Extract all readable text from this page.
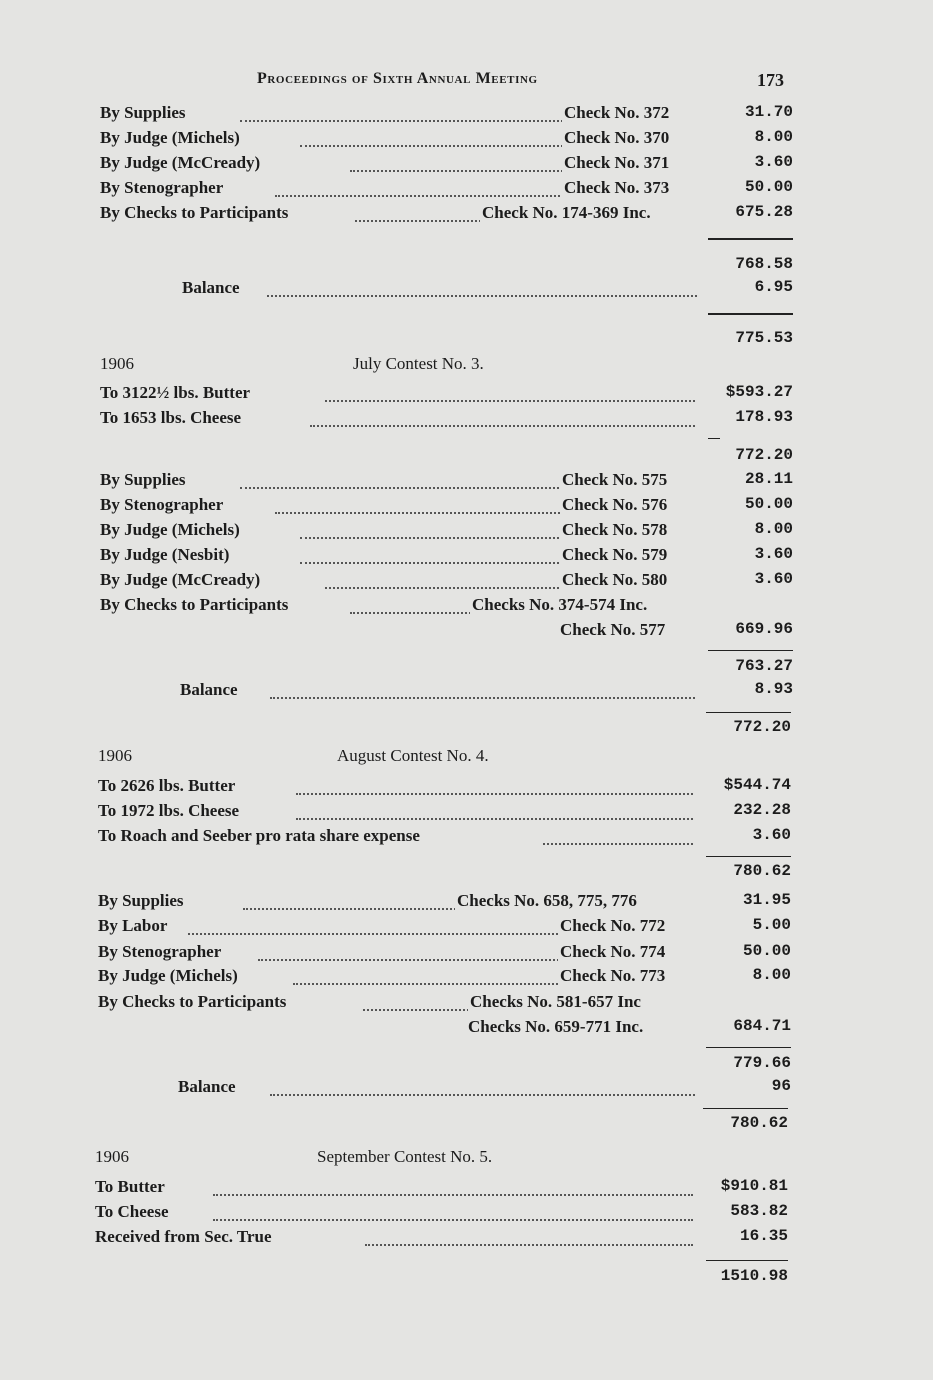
Proceedings of Sixth Annual Meeting	173
By Supplies	Check No. 372	31.70
By Judge (Michels)	Check No. 370	8.00
By Judge (McCready)	Check No. 371	3.60
By Stenographer	Check No. 373	50.00
By Checks to Participants	Check No. 174-369 Inc.	675.28
768.58
Balance	6.95
775.53
1906	July Contest No. 3.
To 3122½ lbs. Butter	$593.27
To 1653 lbs. Cheese	178.93
772.20
By Supplies	Check No. 575	28.11
By Stenographer	Check No. 576	50.00
By Judge (Michels)	Check No. 578	8.00
By Judge (Nesbit)	Check No. 579	3.60
By Judge (McCready)	Check No. 580	3.60
By Checks to Participants	Checks No. 374-574 Inc.
Check No. 577	669.96
763.27
Balance	8.93
772.20
1906	August Contest No. 4.
To 2626 lbs. Butter	$544.74
To 1972 lbs. Cheese	232.28
To Roach and Seeber pro rata share expense	3.60
780.62
By Supplies	Checks No. 658, 775, 776	31.95
By Labor	Check No. 772	5.00
By Stenographer	Check No. 774	50.00
By Judge (Michels)	Check No. 773	8.00
By Checks to Participants	Checks No. 581-657 Inc
Checks No. 659-771 Inc.	684.71
779.66
Balance	96
780.62
1906	September Contest No. 5.
To Butter	$910.81
To Cheese	583.82
Received from Sec. True	16.35
1510.98
